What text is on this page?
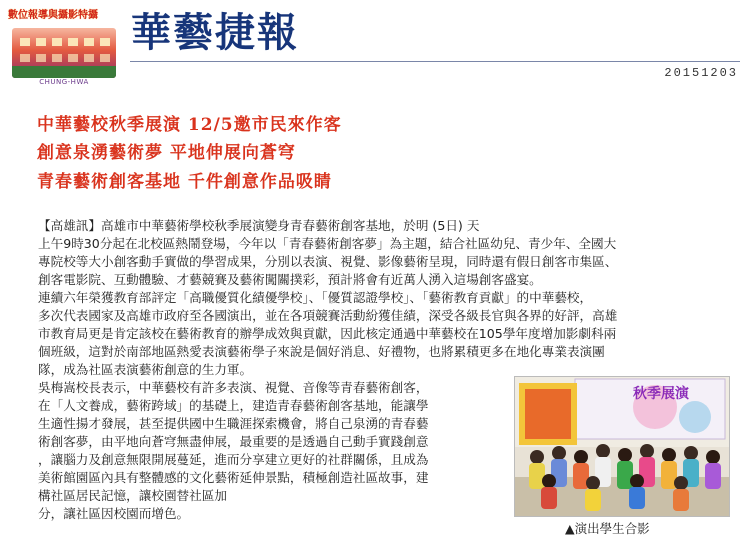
數位報導與攝影特攝
CHUNG-HWA
華藝捷報
20151203
中華藝校秋季展演 12/5邀市民來作客
創意泉湧藝術夢 平地伸展向蒼穹
青春藝術創客基地 千件創意作品吸睛
【高雄訊】高雄市中華藝術學校秋季展演變身青春藝術創客基地，於明 (5日) 天
上午9時30分起在北校區熱鬧登場，今年以「青春藝術創客夢」為主題，結合社區幼兒、青少年、全國大
專院校等大小創客動手實做的學習成果，分別以表演、視覺、影像藝術呈現，同時還有假日創客市集區、
創客電影院、互動體驗、才藝競賽及藝術闖關撲彩，預計將會有近萬人湧入這場創客盛宴。
連續六年榮獲教育部評定「高職優質化績優學校」、「優質認證學校」、「藝術教育貢獻」的中華藝校，
多次代表國家及高雄市政府至各國演出，並在各項競賽活動紛獲佳績，深受各級長官與各界的好評，高雄
市教育局更是肯定該校在藝術教育的辦學成效與貢獻，因此核定通過中華藝校在105學年度增加影劇科兩
個班級，這對於南部地區熱愛表演藝術學子來說是個好消息、好禮物，也將累積更多在地化專業表演團
隊，成為社區表演藝術創意的生力軍。
吳梅嵩校長表示，中華藝校有許多表演、視覺、音像等青春藝術創客，
在「人文養成，藝術跨域」的基礎上，建造青春藝術創客基地，能讓學
生適性揚才發展，甚至提供國中生職涯探索機會，將自己泉湧的青春藝
術創客夢，由平地向蒼穹無盡伸展，最重要的是透過自己動手實踐創意
，讓腦力及創意無限開展蔓延，進而分享建立更好的社群關係，且成為
美術館園區內具有整體感的文化藝術延伸景點，積極創造社區故事，建
構社區居民記憶，讓校園替社區加
分，讓社區因校園而增色。
秋季展演
▲演出學生合影
